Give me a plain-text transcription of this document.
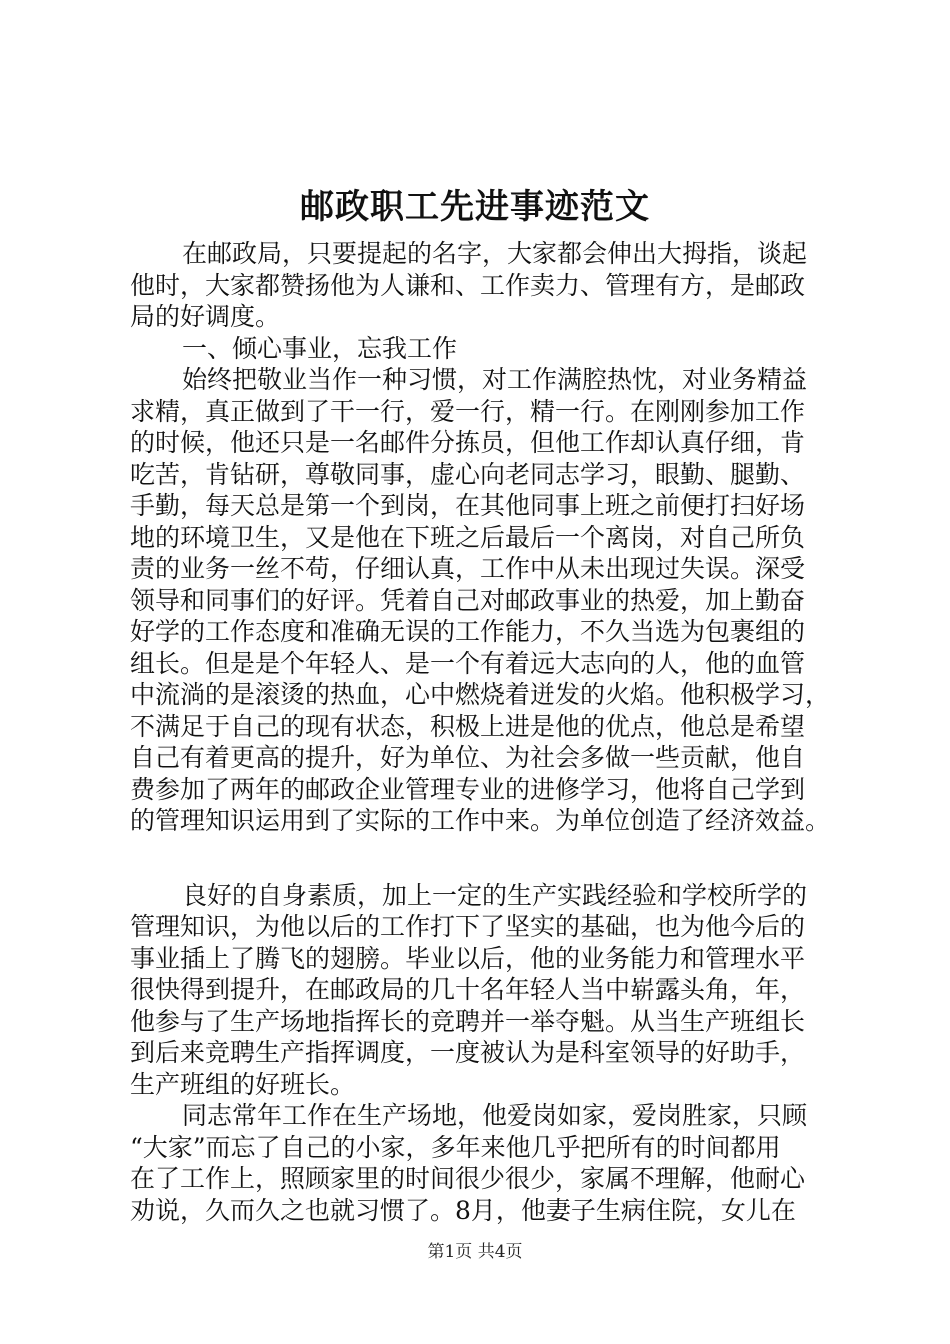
邮政职工先进事迹范文
在邮政局，只要提起的名字，大家都会伸出大拇指，谈起
他时，大家都赞扬他为人谦和、工作卖力、管理有方，是邮政
局的好调度。
一、倾心事业，忘我工作
始终把敬业当作一种习惯，对工作满腔热忱，对业务精益
求精，真正做到了干一行，爱一行，精一行。在刚刚参加工作
的时候，他还只是一名邮件分拣员，但他工作却认真仔细，肯
吃苦，肯钻研，尊敬同事，虚心向老同志学习，眼勤、腿勤、
手勤，每天总是第一个到岗，在其他同事上班之前便打扫好场
地的环境卫生，又是他在下班之后最后一个离岗，对自己所负
责的业务一丝不苟，仔细认真，工作中从未出现过失误。深受
领导和同事们的好评。凭着自己对邮政事业的热爱，加上勤奋
好学的工作态度和准确无误的工作能力，不久当选为包裹组的
组长。但是是个年轻人、是一个有着远大志向的人，他的血管
中流淌的是滚烫的热血，心中燃烧着迸发的火焰。他积极学习，
不满足于自己的现有状态，积极上进是他的优点，他总是希望
自己有着更高的提升，好为单位、为社会多做一些贡献，他自
费参加了两年的邮政企业管理专业的进修学习，他将自己学到
的管理知识运用到了实际的工作中来。为单位创造了经济效益。
良好的自身素质，加上一定的生产实践经验和学校所学的
管理知识，为他以后的工作打下了坚实的基础，也为他今后的
事业插上了腾飞的翅膀。毕业以后，他的业务能力和管理水平
很快得到提升，在邮政局的几十名年轻人当中崭露头角，年，
他参与了生产场地指挥长的竞聘并一举夺魁。从当生产班组长
到后来竞聘生产指挥调度，一度被认为是科室领导的好助手，
生产班组的好班长。
同志常年工作在生产场地，他爱岗如家，爱岗胜家，只顾
“大家”而忘了自己的小家，多年来他几乎把所有的时间都用
在了工作上，照顾家里的时间很少很少，家属不理解，他耐心
劝说，久而久之也就习惯了。8月，他妻子生病住院，女儿在
第1页 共4页
